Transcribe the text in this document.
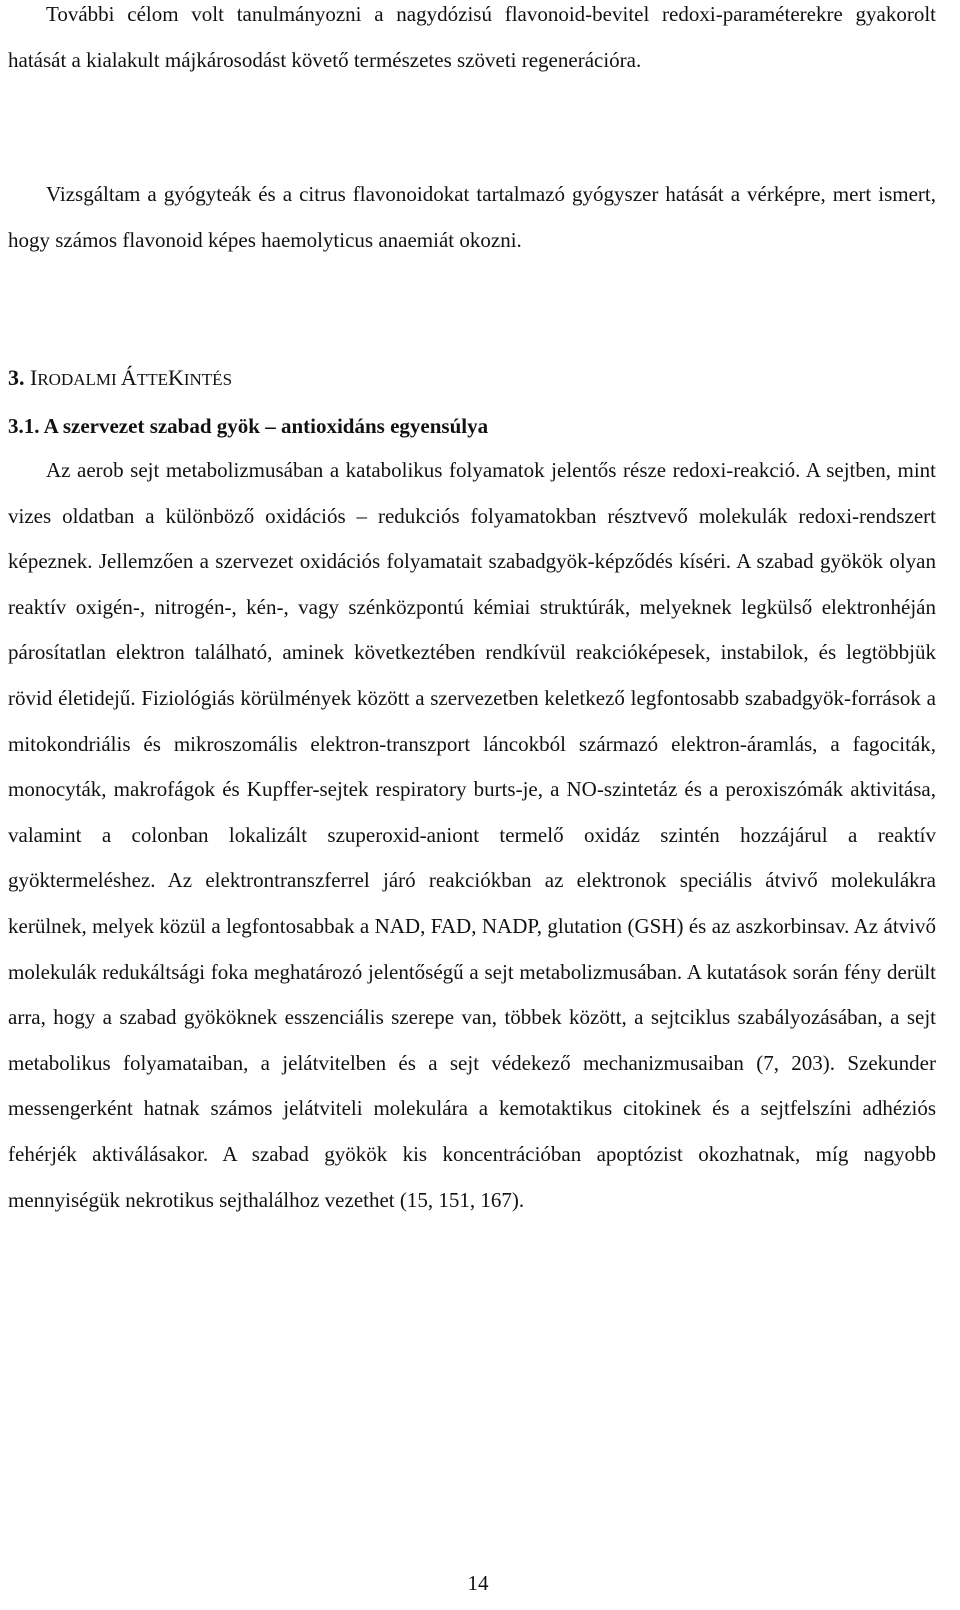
További célom volt tanulmányozni a nagydózisú flavonoid-bevitel redoxi-paraméterekre gyakorolt hatását a kialakult májkárosodást követő természetes szöveti regenerációra.

Vizsgáltam a gyógyteák és a citrus flavonoidokat tartalmazó gyógyszer hatását a vérképre, mert ismert, hogy számos flavonoid képes haemolyticus anaemiát okozni.

3. IRODALMI ÁTTEKINTÉS
3.1. A szervezet szabad gyök – antioxidáns egyensúlya

Az aerob sejt metabolizmusában a katabolikus folyamatok jelentős része redoxi-reakció. A sejtben, mint vizes oldatban a különböző oxidációs – redukciós folyamatokban résztvevő molekulák redoxi-rendszert képeznek. Jellemzően a szervezet oxidációs folyamatait szabadgyök-képződés kíséri. A szabad gyökök olyan reaktív oxigén-, nitrogén-, kén-, vagy szénközpontú kémiai struktúrák, melyeknek legkülső elektronhéján párosítatlan elektron található, aminek következtében rendkívül reakcióképesek, instabilok, és legtöbbjük rövid életidejű. Fiziológiás körülmények között a szervezetben keletkező legfontosabb szabadgyök-források a mitokondriális és mikroszomális elektron-transzport láncokból származó elektron-áramlás, a fagociták, monocyták, makrofágok és Kupffer-sejtek respiratory burts-je, a NO-szintetáz és a peroxiszómák aktivitása, valamint a colonban lokalizált szuperoxid-aniont termelő oxidáz szintén hozzájárul a reaktív gyöktermeléshez. Az elektrontranszferrel járó reakciókban az elektronok speciális átvivő molekulákra kerülnek, melyek közül a legfontosabbak a NAD, FAD, NADP, glutation (GSH) és az aszkorbinsav. Az átvivő molekulák redukáltsági foka meghatározó jelentőségű a sejt metabolizmusában. A kutatások során fény derült arra, hogy a szabad gyököknek esszenciális szerepe van, többek között, a sejtciklus szabályozásában, a sejt metabolikus folyamataiban, a jelátvitelben és a sejt védekező mechanizmusaiban (7, 203). Szekunder messengerként hatnak számos jelátviteli molekulára a kemotaktikus citokinek és a sejtfelszíni adhéziós fehérjék aktiválásakor. A szabad gyökök kis koncentrációban apoptózist okozhatnak, míg nagyobb mennyiségük nekrotikus sejthalálhoz vezethet (15, 151, 167).

14
